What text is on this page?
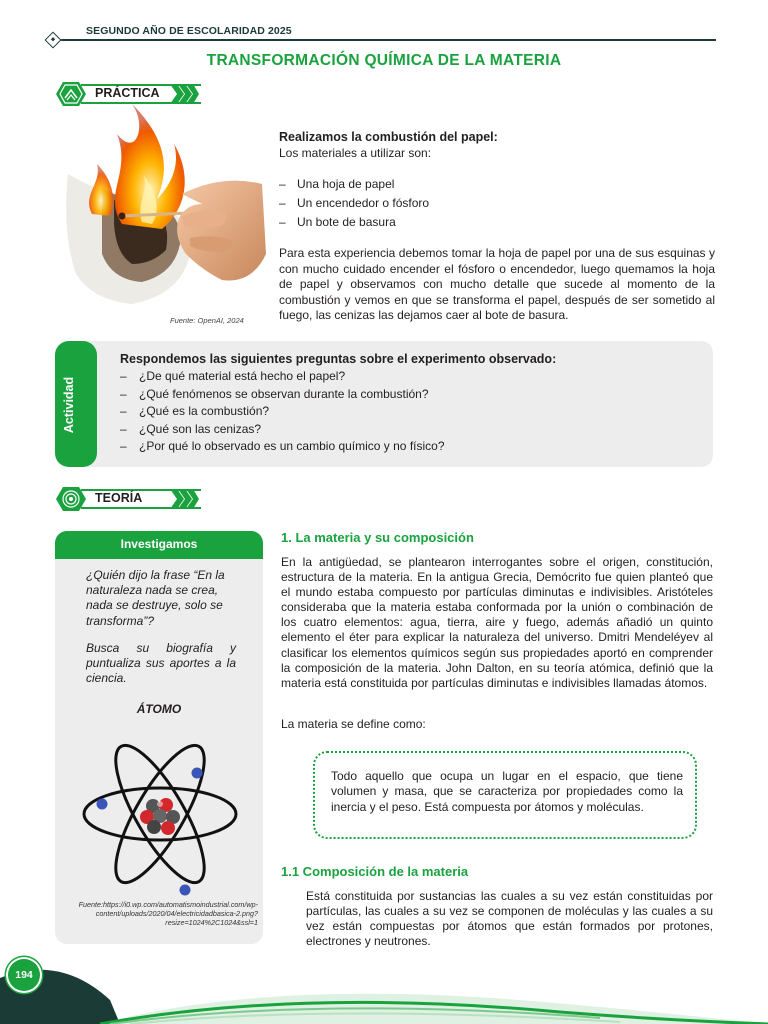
SEGUNDO AÑO DE ESCOLARIDAD 2025
TRANSFORMACIÓN QUÍMICA DE LA MATERIA
PRÁCTICA
Fuente: OpenAI, 2024
Realizamos la combustión del papel:
Los materiales a utilizar son:
– Una hoja de papel
– Un encendedor o fósforo
– Un bote de basura

Para esta experiencia debemos tomar la hoja de papel por una de sus esquinas y con mucho cuidado encender el fósforo o encendedor, luego quemamos la hoja de papel y observamos con mucho detalle que sucede al momento de la combustión y vemos en que se transforma el papel, después de ser sometido al fuego, las cenizas las dejamos caer al bote de basura.

Actividad
Respondemos las siguientes preguntas sobre el experimento observado:
– ¿De qué material está hecho el papel?
– ¿Qué fenómenos se observan durante la combustión?
– ¿Qué es la combustión?
– ¿Qué son las cenizas?
– ¿Por qué lo observado es un cambio químico y no físico?
TEORÍA
Investigamos
¿Quién dijo la frase “En la naturaleza nada se crea, nada se destruye, solo se transforma”?
Busca su biografía y puntualiza sus aportes a la ciencia.
ÁTOMO
Fuente:https://i0.wp.com/automatismoindustrial.com/wp-content/uploads/2020/04/electricidadbasica-2.png?resize=1024%2C1024&ssl=1
1. La materia y su composición
En la antigüedad, se plantearon interrogantes sobre el origen, constitución, estructura de la materia. En la antigua Grecia, Demócrito fue quien planteó que el mundo estaba compuesto por partículas diminutas e indivisibles. Aristóteles consideraba que la materia estaba conformada por la unión o combinación de los cuatro elementos: agua, tierra, aire y fuego, además añadió un quinto elemento el éter para explicar la naturaleza del universo. Dmitri Mendeléyev al clasificar los elementos químicos según sus propiedades aportó en comprender la composición de la materia. John Dalton, en su teoría atómica, definió que la materia está constituida por partículas diminutas e indivisibles llamadas átomos.
La materia se define como:
Todo aquello que ocupa un lugar en el espacio, que tiene volumen y masa, que se caracteriza por propiedades como la inercia y el peso. Está compuesta por átomos y moléculas.
1.1 Composición de la materia
Está constituida por sustancias las cuales a su vez están constituidas por partículas, las cuales a su vez se componen de moléculas y las cuales a su vez están compuestas por átomos que están formados por protones, electrones y neutrones.
194
